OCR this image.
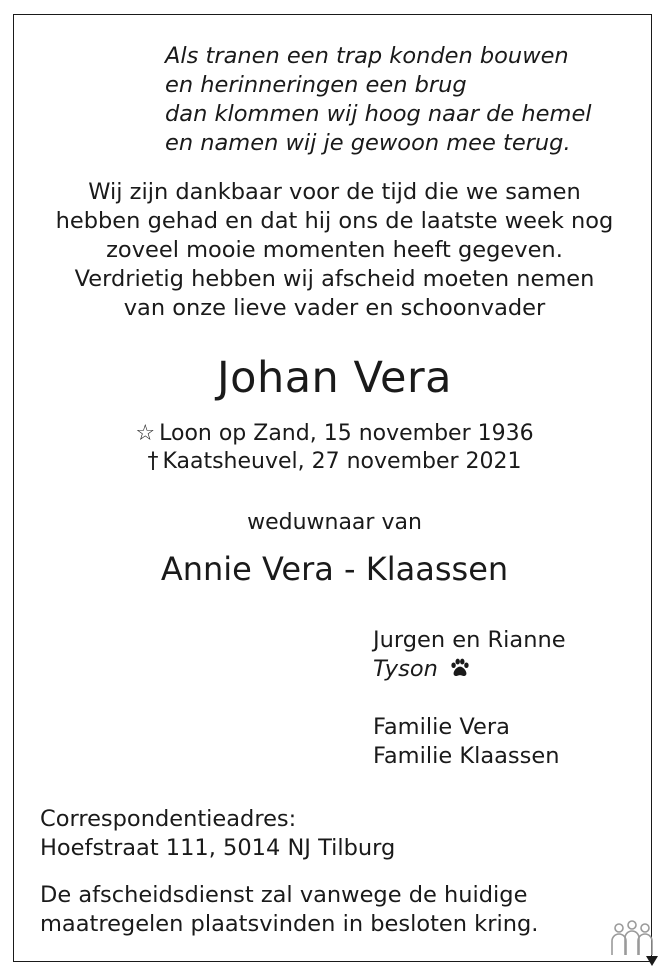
Als tranen een trap konden bouwen
en herinneringen een brug
dan klommen wij hoog naar de hemel
en namen wij je gewoon mee terug.
Wij zijn dankbaar voor de tijd die we samen
hebben gehad en dat hij ons de laatste week nog
zoveel mooie momenten heeft gegeven.
Verdrietig hebben wij afscheid moeten nemen
van onze lieve vader en schoonvader
Johan Vera
☆ Loon op Zand, 15 november 1936
† Kaatsheuvel, 27 november 2021
weduwnaar van
Annie Vera - Klaassen
Jurgen en Rianne
Tyson
Familie Vera
Familie Klaassen
Correspondentieadres:
Hoefstraat 111, 5014 NJ Tilburg
De afscheidsdienst zal vanwege de huidige
maatregelen plaatsvinden in besloten kring.
